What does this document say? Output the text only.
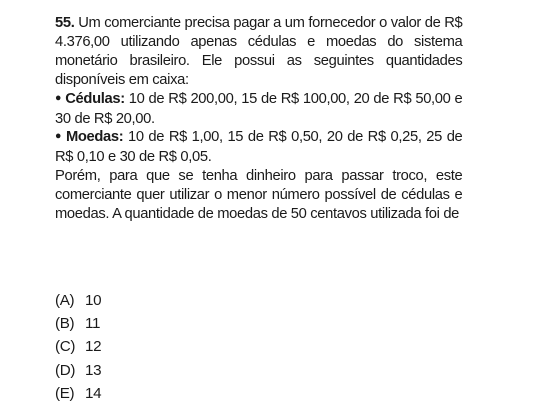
55. Um comerciante precisa pagar a um fornecedor o valor de R$ 4.376,00 utilizando apenas cédulas e moedas do sistema monetário brasileiro. Ele possui as seguintes quantidades disponíveis em caixa:

● Cédulas: 10 de R$ 200,00, 15 de R$ 100,00, 20 de R$ 50,00 e 30 de R$ 20,00.

● Moedas: 10 de R$ 1,00, 15 de R$ 0,50, 20 de R$ 0,25, 25 de R$ 0,10 e 30 de R$ 0,05.

Porém, para que se tenha dinheiro para passar troco, este comerciante quer utilizar o menor número possível de cédulas e moedas. A quantidade de moedas de 50 centavos utilizada foi de

(A) 10
(B) 11
(C) 12
(D) 13
(E) 14
